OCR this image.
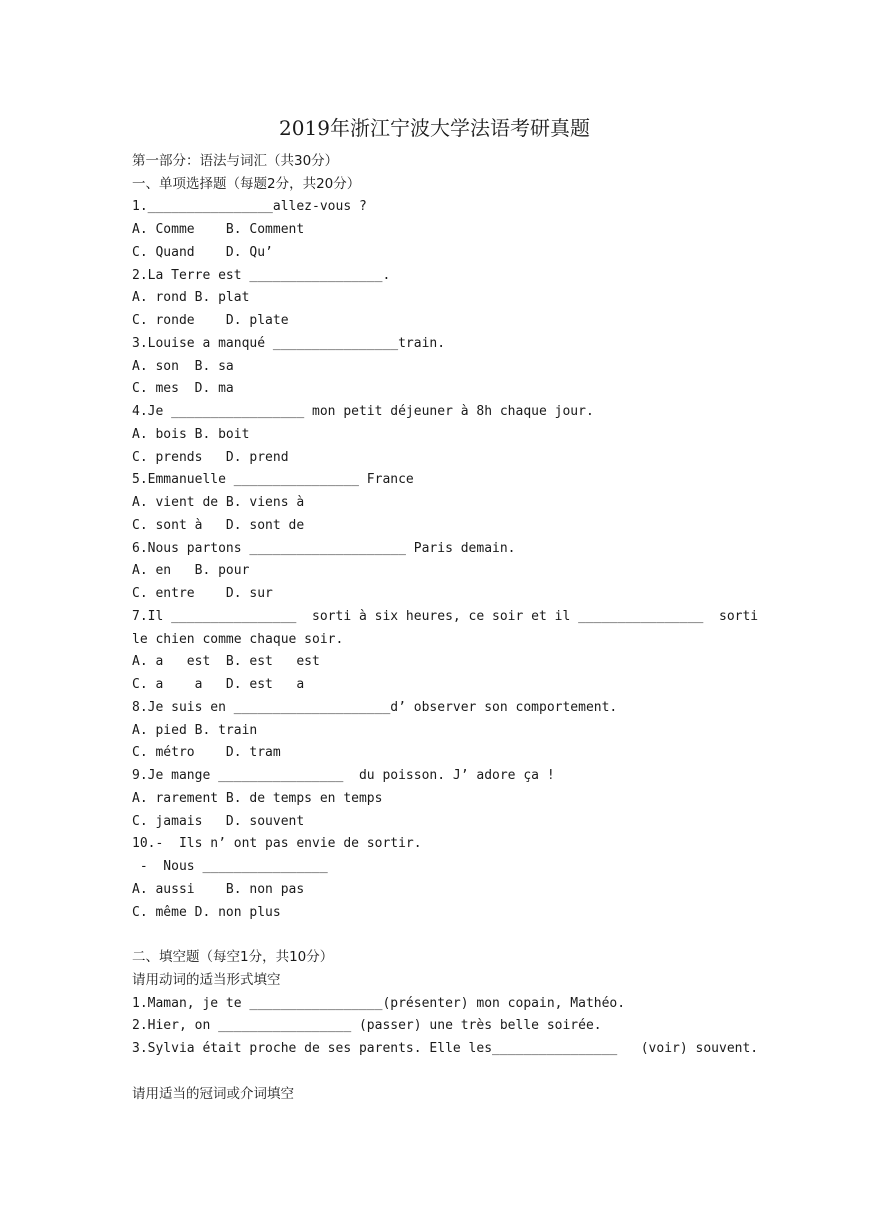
2019年浙江宁波大学法语考研真题
第一部分：语法与词汇（共30分）
一、单项选择题（每题2分，共20分）
1.________________allez-vous ?
A. Comme    B. Comment
C. Quand    D. Qu’
2.La Terre est _________________.
A. rond B. plat
C. ronde    D. plate
3.Louise a manqué ________________train.
A. son  B. sa
C. mes  D. ma
4.Je _________________ mon petit déjeuner à 8h chaque jour.
A. bois B. boit
C. prends   D. prend
5.Emmanuelle ________________ France
A. vient de B. viens à
C. sont à   D. sont de
6.Nous partons ____________________ Paris demain.
A. en   B. pour
C. entre    D. sur
7.Il ________________  sorti à six heures, ce soir et il ________________  sorti
le chien comme chaque soir.
A. a   est  B. est   est
C. a    a   D. est   a
8.Je suis en ____________________d’ observer son comportement.
A. pied B. train
C. métro    D. tram
9.Je mange ________________  du poisson. J’ adore ça !
A. rarement B. de temps en temps
C. jamais   D. souvent
10.-  Ils n’ ont pas envie de sortir.
-  Nous ________________
A. aussi    B. non pas
C. même D. non plus
二、填空题（每空1分，共10分）
请用动词的适当形式填空
1.Maman, je te _________________(présenter) mon copain, Mathéo.
2.Hier, on _________________ (passer) une très belle soirée.
3.Sylvia était proche de ses parents. Elle les________________   (voir) souvent.
请用适当的冠词或介词填空
